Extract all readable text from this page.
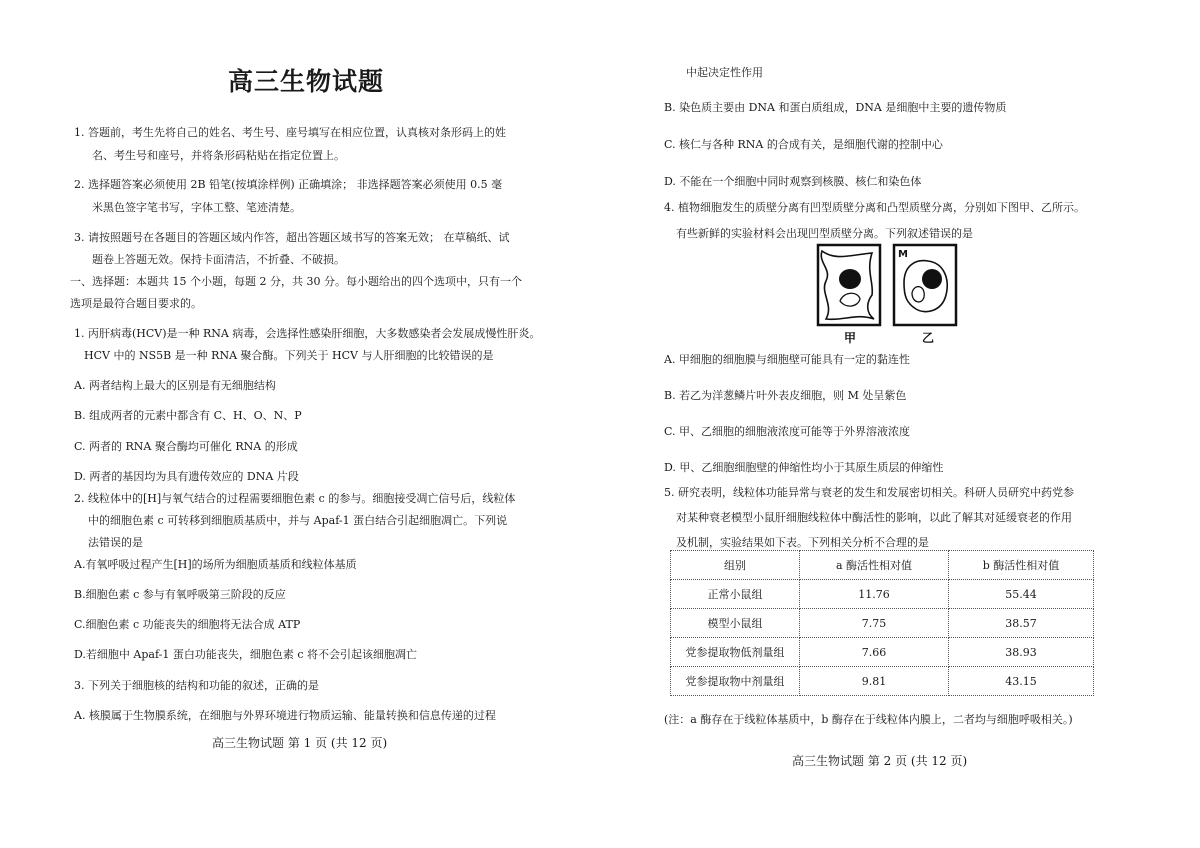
高三生物试题
1. 答题前，考生先将自己的姓名、考生号、座号填写在相应位置，认真核对条形码上的姓
名、考生号和座号，并将条形码粘贴在指定位置上。
2. 选择题答案必须使用 2B 铅笔(按填涂样例) 正确填涂； 非选择题答案必须使用 0.5 毫
米黑色签字笔书写，字体工整、笔迹清楚。
3. 请按照题号在各题目的答题区域内作答，超出答题区域书写的答案无效； 在草稿纸、试
题卷上答题无效。保持卡面清洁，不折叠、不破损。
一、选择题：本题共 15 个小题，每题 2 分，共 30 分。每小题给出的四个选项中，只有一个
选项是最符合题目要求的。
1. 丙肝病毒(HCV)是一种 RNA 病毒，会选择性感染肝细胞，大多数感染者会发展成慢性肝炎。
HCV 中的 NS5B 是一种 RNA 聚合酶。下列关于 HCV 与人肝细胞的比较错误的是
A. 两者结构上最大的区别是有无细胞结构
B. 组成两者的元素中都含有 C、H、O、N、P
C. 两者的 RNA 聚合酶均可催化 RNA 的形成
D. 两者的基因均为具有遗传效应的 DNA 片段
2. 线粒体中的[H]与氧气结合的过程需要细胞色素 c 的参与。细胞接受凋亡信号后，线粒体
中的细胞色素 c 可转移到细胞质基质中，并与 Apaf-1 蛋白结合引起细胞凋亡。下列说
法错误的是
A.有氧呼吸过程产生[H]的场所为细胞质基质和线粒体基质
B.细胞色素 c 参与有氧呼吸第三阶段的反应
C.细胞色素 c 功能丧失的细胞将无法合成 ATP
D.若细胞中 Apaf-1 蛋白功能丧失，细胞色素 c 将不会引起该细胞凋亡
3. 下列关于细胞核的结构和功能的叙述，正确的是
A. 核膜属于生物膜系统，在细胞与外界环境进行物质运输、能量转换和信息传递的过程
高三生物试题 第 1 页 (共 12 页)
中起决定性作用
B. 染色质主要由 DNA 和蛋白质组成，DNA 是细胞中主要的遗传物质
C. 核仁与各种 RNA 的合成有关，是细胞代谢的控制中心
D. 不能在一个细胞中同时观察到核膜、核仁和染色体
4. 植物细胞发生的质壁分离有凹型质壁分离和凸型质壁分离，分别如下图甲、乙所示。
有些新鲜的实验材料会出现凹型质壁分离。下列叙述错误的是
M
甲	乙
A. 甲细胞的细胞膜与细胞壁可能具有一定的黏连性
B. 若乙为洋葱鳞片叶外表皮细胞，则 M 处呈紫色
C. 甲、乙细胞的细胞液浓度可能等于外界溶液浓度
D. 甲、乙细胞细胞壁的伸缩性均小于其原生质层的伸缩性
5. 研究表明，线粒体功能异常与衰老的发生和发展密切相关。科研人员研究中药党参
对某种衰老模型小鼠肝细胞线粒体中酶活性的影响，以此了解其对延缓衰老的作用
及机制，实验结果如下表。下列相关分析不合理的是
组别	a 酶活性相对值	b 酶活性相对值
正常小鼠组	11.76	55.44
模型小鼠组	7.75	38.57
党参提取物低剂量组	7.66	38.93
党参提取物中剂量组	9.81	43.15
(注：a 酶存在于线粒体基质中，b 酶存在于线粒体内膜上，二者均与细胞呼吸相关。)
高三生物试题 第 2 页 (共 12 页)
